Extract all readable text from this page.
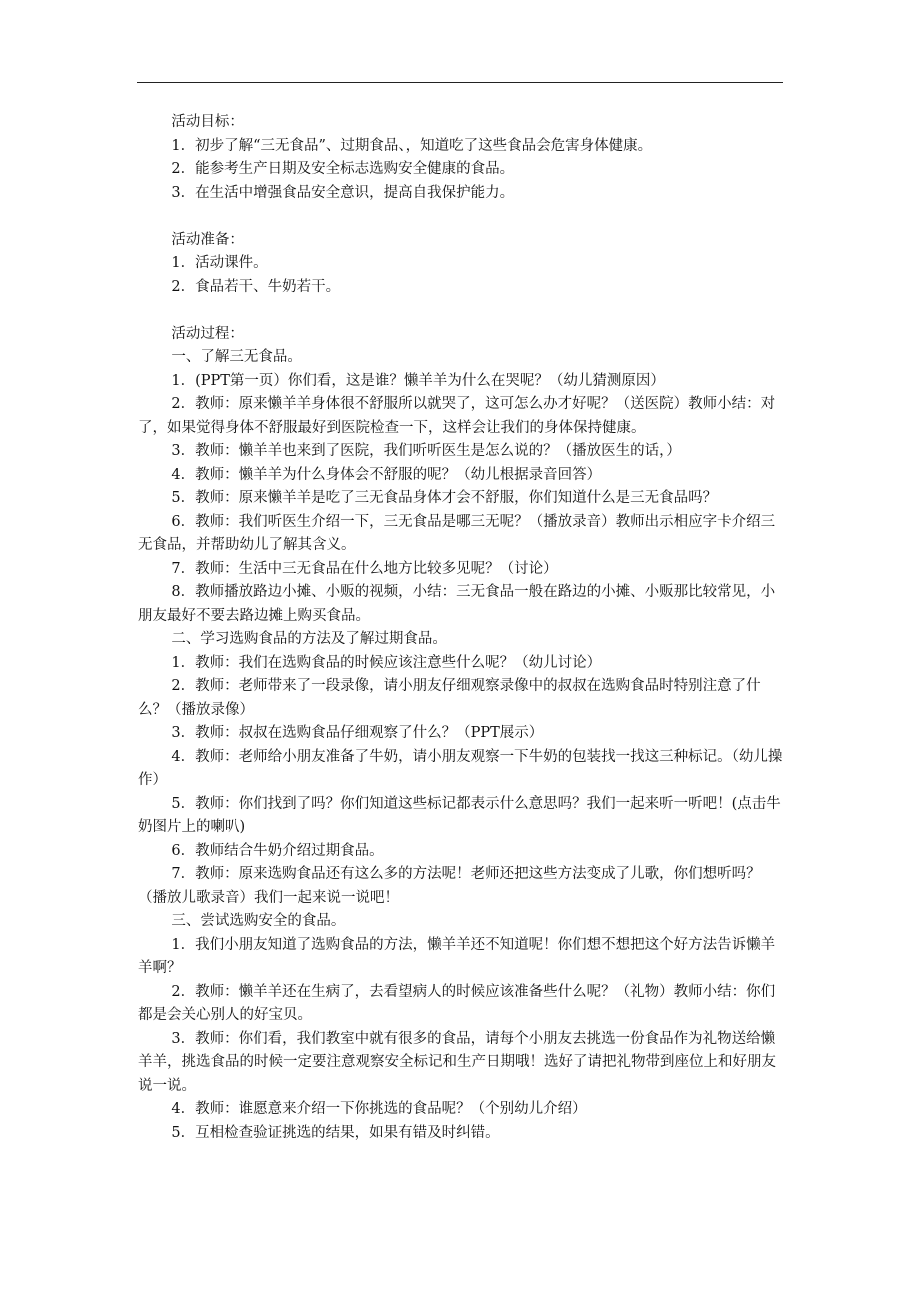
活动目标：

1．初步了解“三无食品”、过期食品、，知道吃了这些食品会危害身体健康。

2．能参考生产日期及安全标志选购安全健康的食品。

3．在生活中增强食品安全意识，提高自我保护能力。

活动准备：

1．活动课件。

2．食品若干、牛奶若干。

活动过程：

一、了解三无食品。

1．(PPT第一页）你们看，这是谁？懒羊羊为什么在哭呢？（幼儿猜测原因）

2．教师：原来懒羊羊身体很不舒服所以就哭了，这可怎么办才好呢？（送医院）教师小结：对了，如果觉得身体不舒服最好到医院检查一下，这样会让我们的身体保持健康。

3．教师：懒羊羊也来到了医院，我们听听医生是怎么说的？（播放医生的话，）

4．教师：懒羊羊为什么身体会不舒服的呢？（幼儿根据录音回答）

5．教师：原来懒羊羊是吃了三无食品身体才会不舒服，你们知道什么是三无食品吗？

6．教师：我们听医生介绍一下，三无食品是哪三无呢？（播放录音）教师出示相应字卡介绍三无食品，并帮助幼儿了解其含义。

7．教师：生活中三无食品在什么地方比较多见呢？（讨论）

8．教师播放路边小摊、小贩的视频，小结：三无食品一般在路边的小摊、小贩那比较常见，小朋友最好不要去路边摊上购买食品。

二、学习选购食品的方法及了解过期食品。

1．教师：我们在选购食品的时候应该注意些什么呢？（幼儿讨论）

2．教师：老师带来了一段录像，请小朋友仔细观察录像中的叔叔在选购食品时特别注意了什么？（播放录像）

3．教师：叔叔在选购食品仔细观察了什么？（PPT展示）

4．教师：老师给小朋友准备了牛奶，请小朋友观察一下牛奶的包装找一找这三种标记。（幼儿操作）

5．教师：你们找到了吗？你们知道这些标记都表示什么意思吗？我们一起来听一听吧！(点击牛奶图片上的喇叭)

6．教师结合牛奶介绍过期食品。

7．教师：原来选购食品还有这么多的方法呢！老师还把这些方法变成了儿歌，你们想听吗？（播放儿歌录音）我们一起来说一说吧！

三、尝试选购安全的食品。

1．我们小朋友知道了选购食品的方法，懒羊羊还不知道呢！你们想不想把这个好方法告诉懒羊羊啊？

2．教师：懒羊羊还在生病了，去看望病人的时候应该准备些什么呢？（礼物）教师小结：你们都是会关心别人的好宝贝。

3．教师：你们看，我们教室中就有很多的食品，请每个小朋友去挑选一份食品作为礼物送给懒羊羊，挑选食品的时候一定要注意观察安全标记和生产日期哦！选好了请把礼物带到座位上和好朋友说一说。

4．教师：谁愿意来介绍一下你挑选的食品呢？（个别幼儿介绍）

5．互相检查验证挑选的结果，如果有错及时纠错。
